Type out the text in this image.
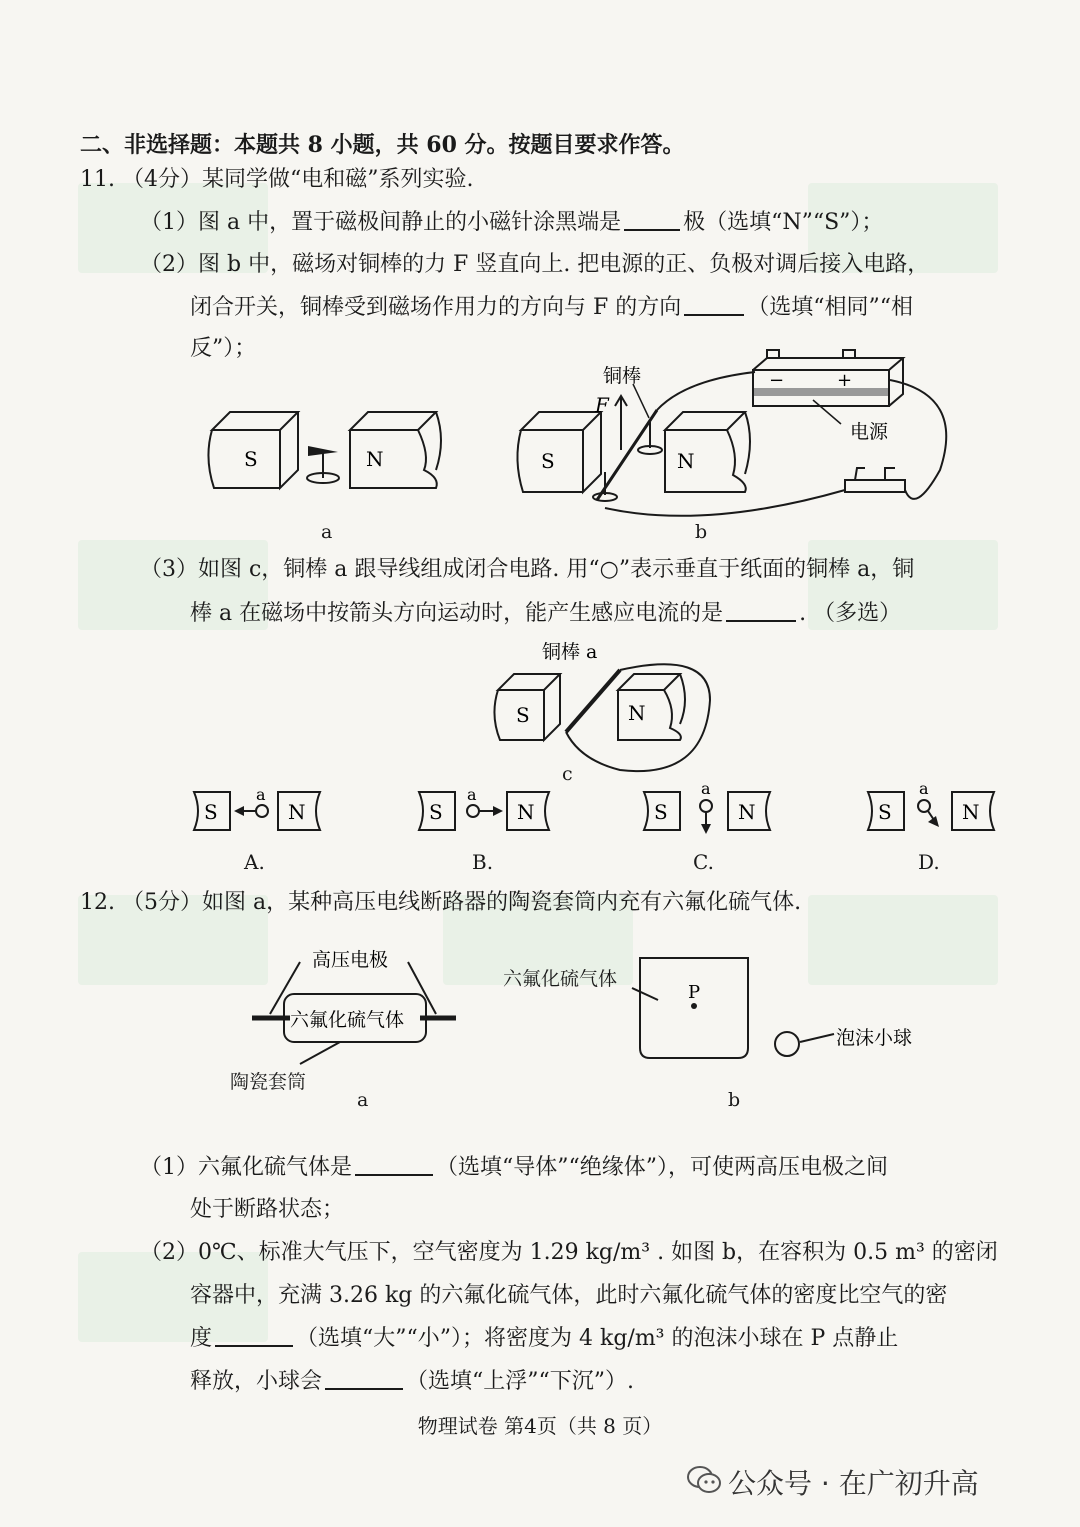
二、非选择题：本题共 8 小题，共 60 分。按题目要求作答。
11. （4分）某同学做“电和磁”系列实验.
（1）图 a 中，置于磁极间静止的小磁针涂黑端是	极（选填“N”“S”）；
（2）图 b 中，磁场对铜棒的力 F 竖直向上. 把电源的正、负极对调后接入电路，
闭合开关，铜棒受到磁场作用力的方向与 F 的方向	（选填“相同”“相
反”）；
S	N
a
铜棒
F
电源
−	+
S	N
b
（3）如图 c，铜棒 a 跟导线组成闭合电路. 用“○”表示垂直于纸面的铜棒 a，铜
棒 a 在磁场中按箭头方向运动时，能产生感应电流的是	. （多选）
铜棒 a
S	N
c
S	N
a
A.
S	N
a
B.
S	N
a
C.
S	N
a
D.
12. （5分）如图 a，某种高压电线断路器的陶瓷套筒内充有六氟化硫气体.
高压电极
六氟化硫气体
陶瓷套筒
a
P
泡沫小球
六氟化硫气体
b
（1）六氟化硫气体是	（选填“导体”“绝缘体”），可使两高压电极之间
处于断路状态；
（2）0℃、标准大气压下，空气密度为 1.29 kg/m³ . 如图 b，在容积为 0.5 m³ 的密闭
容器中，充满 3.26 kg 的六氟化硫气体，此时六氟化硫气体的密度比空气的密
度	（选填“大”“小”）；将密度为 4 kg/m³ 的泡沫小球在 P 点静止
释放，小球会	（选填“上浮”“下沉”）.
物理试卷 第4页（共 8 页）
公众号 · 在广初升高
